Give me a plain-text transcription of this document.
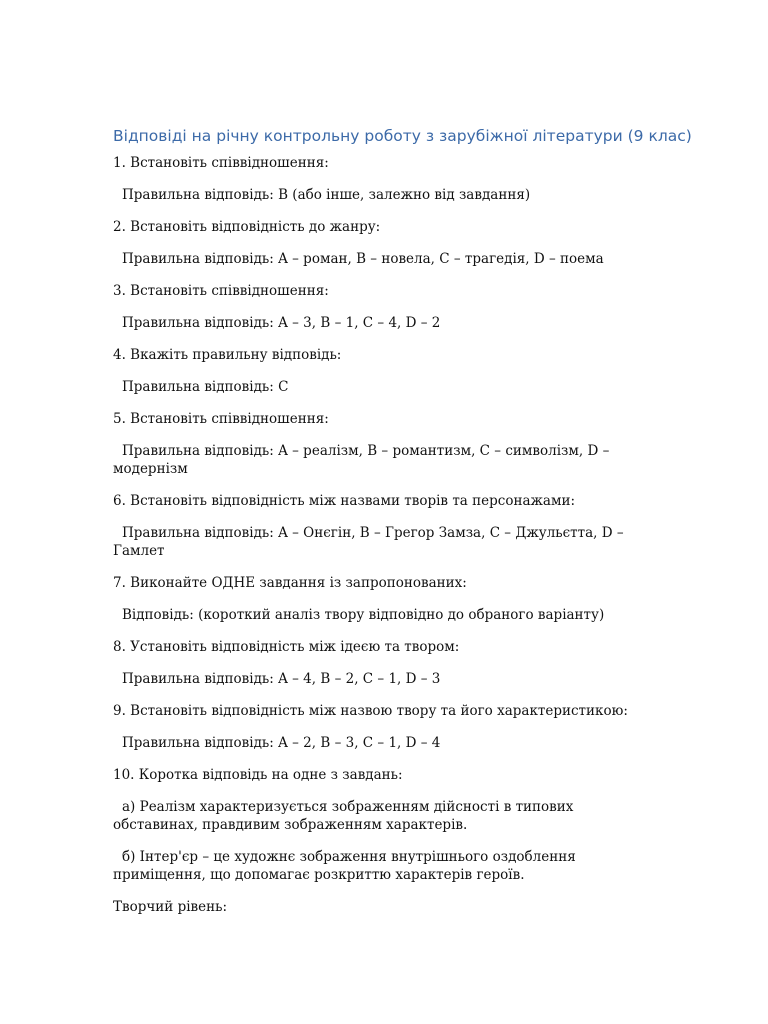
Відповіді на річну контрольну роботу з зарубіжної літератури (9 клас)

1. Встановіть співвідношення:

Правильна відповідь: B (або інше, залежно від завдання)

2. Встановіть відповідність до жанру:

Правильна відповідь: A – роман, B – новела, C – трагедія, D – поема

3. Встановіть співвідношення:

Правильна відповідь: A – 3, B – 1, C – 4, D – 2

4. Вкажіть правильну відповідь:

Правильна відповідь: C

5. Встановіть співвідношення:

Правильна відповідь: A – реалізм, B – романтизм, C – символізм, D – модернізм

6. Встановіть відповідність між назвами творів та персонажами:

Правильна відповідь: A – Онєгін, B – Грегор Замза, C – Джульєтта, D – Гамлет

7. Виконайте ОДНЕ завдання із запропонованих:

Відповідь: (короткий аналіз твору відповідно до обраного варіанту)

8. Установіть відповідність між ідеєю та твором:

Правильна відповідь: A – 4, B – 2, C – 1, D – 3

9. Встановіть відповідність між назвою твору та його характеристикою:

Правильна відповідь: A – 2, B – 3, C – 1, D – 4

10. Коротка відповідь на одне з завдань:

а) Реалізм характеризується зображенням дійсності в типових обставинах, правдивим зображенням характерів.

б) Інтер'єр – це художнє зображення внутрішнього оздоблення приміщення, що допомагає розкриттю характерів героїв.

Творчий рівень:
